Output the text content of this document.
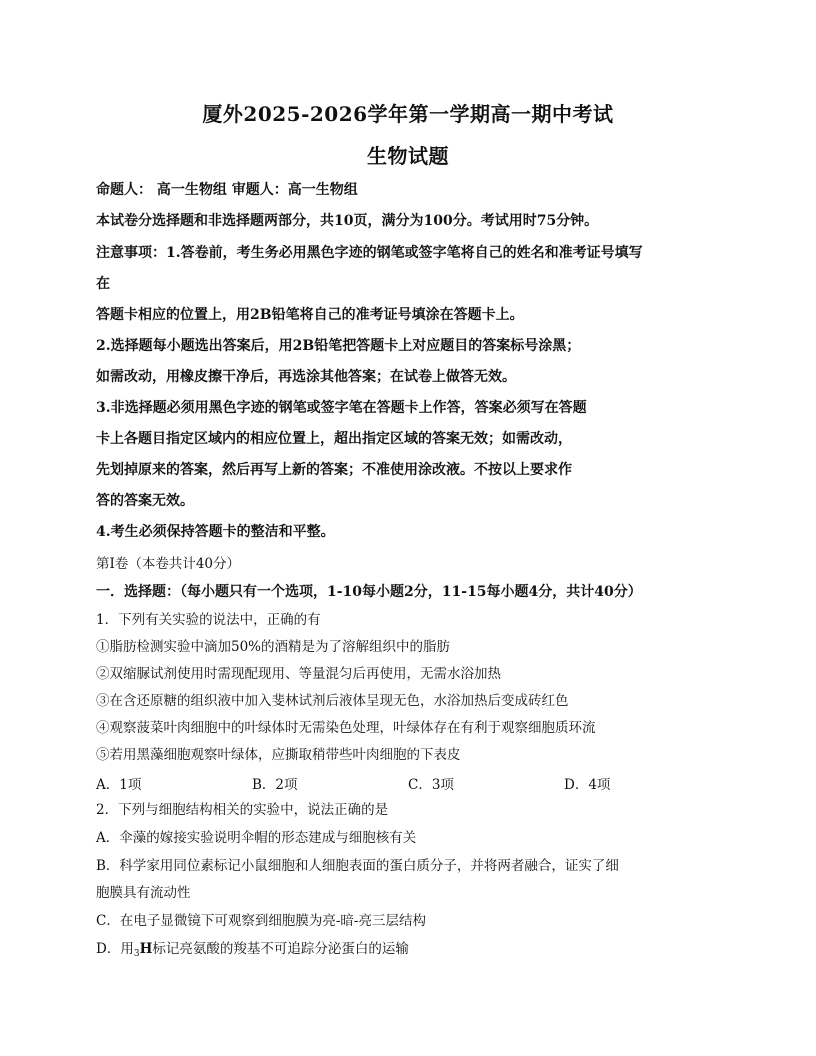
厦外2025-2026学年第一学期高一期中考试
生物试题
命题人： 高一生物组 审题人：高一生物组
本试卷分选择题和非选择题两部分，共10页，满分为100分。考试用时75分钟。
注意事项：1.答卷前，考生务必用黑色字迹的钢笔或签字笔将自己的姓名和准考证号填写
在
答题卡相应的位置上，用2B铅笔将自己的准考证号填涂在答题卡上。
2.选择题每小题选出答案后，用2B铅笔把答题卡上对应题目的答案标号涂黑；
如需改动，用橡皮擦干净后，再选涂其他答案；在试卷上做答无效。
3.非选择题必须用黑色字迹的钢笔或签字笔在答题卡上作答，答案必须写在答题
卡上各题目指定区域内的相应位置上，超出指定区域的答案无效；如需改动，
先划掉原来的答案，然后再写上新的答案；不准使用涂改液。不按以上要求作
答的答案无效。
4.考生必须保持答题卡的整洁和平整。
第Ⅰ卷（本卷共计40分）
一．选择题：（每小题只有一个选项，1-10每小题2分，11-15每小题4分，共计40分）
1．下列有关实验的说法中，正确的有
①脂肪检测实验中滴加50%的酒精是为了溶解组织中的脂肪
②双缩脲试剂使用时需现配现用、等量混匀后再使用，无需水浴加热
③在含还原糖的组织液中加入斐林试剂后液体呈现无色，水浴加热后变成砖红色
④观察菠菜叶肉细胞中的叶绿体时无需染色处理，叶绿体存在有利于观察细胞质环流
⑤若用黑藻细胞观察叶绿体，应撕取稍带些叶肉细胞的下表皮
A．1项	B．2项	C．3项	D．4项
2．下列与细胞结构相关的实验中，说法正确的是
A．伞藻的嫁接实验说明伞帽的形态建成与细胞核有关
B．科学家用同位素标记小鼠细胞和人细胞表面的蛋白质分子，并将两者融合，证实了细
胞膜具有流动性
C．在电子显微镜下可观察到细胞膜为亮-暗-亮三层结构
D．用$_3$H标记亮氨酸的羧基不可追踪分泌蛋白的运输
